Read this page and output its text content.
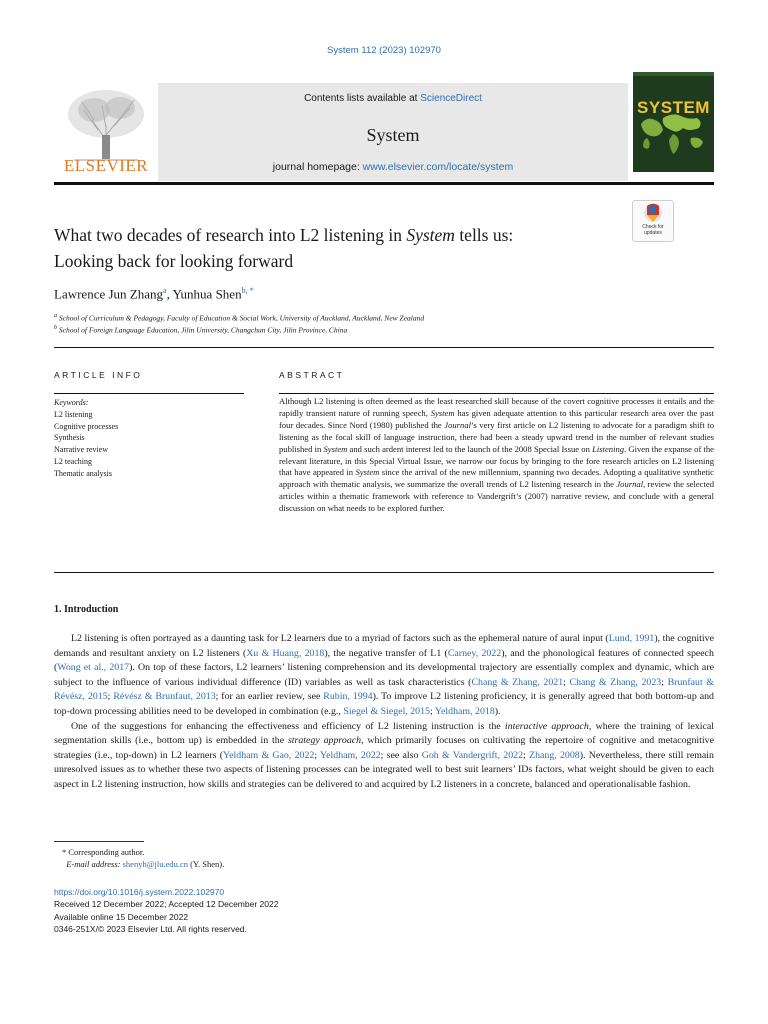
System 112 (2023) 102970
ELSEVIER
Contents lists available at ScienceDirect
System
journal homepage: www.elsevier.com/locate/system
SYSTEM
What two decades of research into L2 listening in System tells us:
Looking back for looking forward
Check for
updates
Lawrence Jun Zhang$^a$, Yunhua Shen$^{b, *}$
$^a$ School of Curriculum & Pedagogy, Faculty of Education & Social Work, University of Auckland, Auckland, New Zealand
$^b$ School of Foreign Language Education, Jilin University, Changchun City, Jilin Province, China
ARTICLE INFO	ABSTRACT
Keywords:
L2 listening
Cognitive processes
Synthesis
Narrative review
L2 teaching
Thematic analysis
Although L2 listening is often deemed as the least researched skill because of the covert cognitive processes it entails and the rapidly transient nature of running speech, System has given adequate attention to this particular research area over the past four decades. Since Nord (1980) published the Journal’s very first article on L2 listening to advocate for a paradigm shift to listening as the focal skill of language instruction, there had been a steady upward trend in the number of relevant studies published in System and such ardent interest led to the launch of the 2008 Special Issue on Listening. Given the expanse of the relevant literature, in this Special Virtual Issue, we narrow our focus by bringing to the fore research articles on L2 listening that have appeared in System since the arrival of the new millennium, spanning two decades. Adopting a qualitative synthetic approach with thematic analysis, we summarize the overall trends of L2 listening research in the Journal, review the selected articles within a thematic framework with reference to Vandergrift’s (2007) narrative review, and conclude with a general discussion on what needs to be explored further.
1. Introduction

L2 listening is often portrayed as a daunting task for L2 learners due to a myriad of factors such as the ephemeral nature of aural input (Lund, 1991), the cognitive demands and resultant anxiety on L2 listeners (Xu & Huang, 2018), the negative transfer of L1 (Carney, 2022), and the phonological features of connected speech (Wong et al., 2017). On top of these factors, L2 learners’ listening comprehension and its developmental trajectory are essentially complex and dynamic, which are subject to the influence of various individual difference (ID) variables as well as task characteristics (Chang & Zhang, 2021; Chang & Zhang, 2023; Brunfaut & Révész, 2015; Révész & Brunfaut, 2013; for an earlier review, see Rubin, 1994). To improve L2 listening proficiency, it is generally agreed that both bottom-up and top-down processing abilities need to be developed in combination (e.g., Siegel & Siegel, 2015; Yeldham, 2018).

One of the suggestions for enhancing the effectiveness and efficiency of L2 listening instruction is the interactive approach, where the training of lexical segmentation skills (i.e., bottom up) is embedded in the strategy approach, which primarily focuses on cultivating the repertoire of cognitive and metacognitive strategies (i.e., top-down) in L2 learners (Yeldham & Gao, 2022; Yeldham, 2022; see also Goh & Vandergrift, 2022; Zhang, 2008). Nevertheless, there still remain unresolved issues as to whether these two aspects of listening processes can be integrated well to best suit learners’ IDs factors, what weight should be given to each aspect in L2 listening instruction, how skills and strategies can be delivered to and acquired by L2 listeners in a concrete, balanced and operationalisable fashion.

* Corresponding author.
E-mail address: shenyh@jlu.edu.cn (Y. Shen).
https://doi.org/10.1016/j.system.2022.102970
Received 12 December 2022; Accepted 12 December 2022
Available online 15 December 2022
0346-251X/© 2023 Elsevier Ltd. All rights reserved.
